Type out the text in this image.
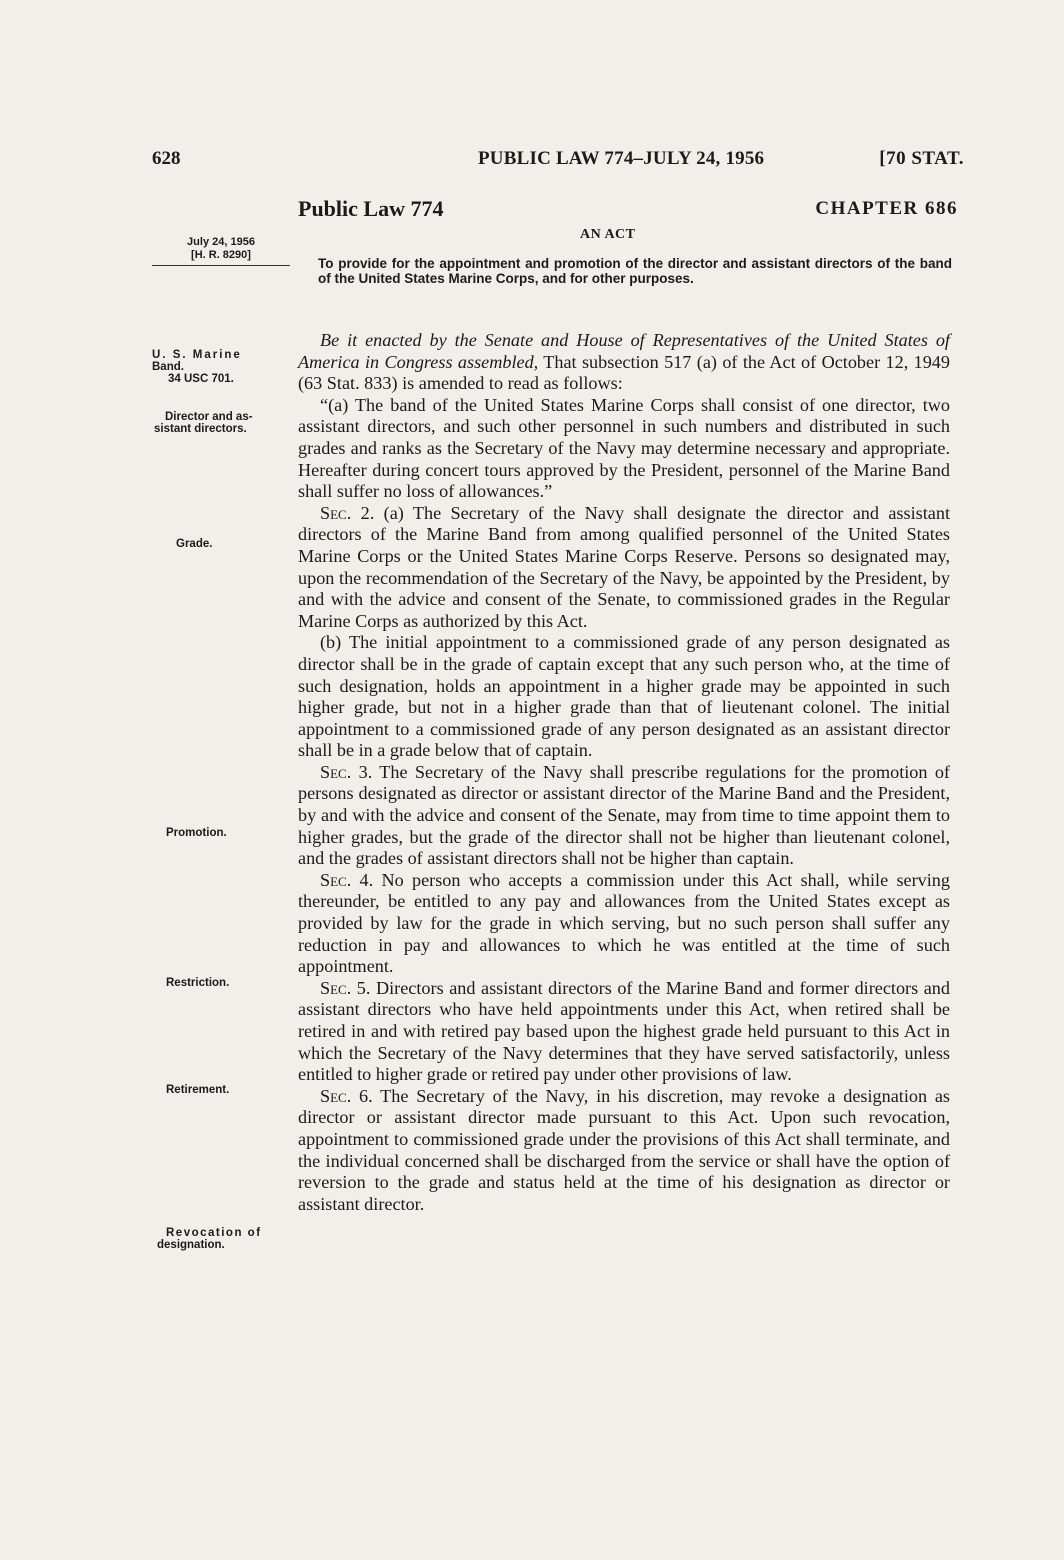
628	PUBLIC LAW 774–JULY 24, 1956	[70 STAT.
Public Law 774	CHAPTER 686
AN ACT
July 24, 1956
[H. R. 8290]
To provide for the appointment and promotion of the director and assistant directors of the band of the United States Marine Corps, and for other purposes.
U. S. Marine
Band.
34 USC 701.
Director and as-
sistant directors.
Grade.
Promotion.
Restriction.
Retirement.
Revocation of
designation.

Be it enacted by the Senate and House of Representatives of the United States of America in Congress assembled, That subsection 517 (a) of the Act of October 12, 1949 (63 Stat. 833) is amended to read as follows:

“(a) The band of the United States Marine Corps shall consist of one director, two assistant directors, and such other personnel in such numbers and distributed in such grades and ranks as the Secretary of the Navy may determine necessary and appropriate. Hereafter during concert tours approved by the President, personnel of the Marine Band shall suffer no loss of allowances.”

Sec. 2. (a) The Secretary of the Navy shall designate the director and assistant directors of the Marine Band from among qualified personnel of the United States Marine Corps or the United States Marine Corps Reserve. Persons so designated may, upon the recommendation of the Secretary of the Navy, be appointed by the President, by and with the advice and consent of the Senate, to commissioned grades in the Regular Marine Corps as authorized by this Act.

(b) The initial appointment to a commissioned grade of any person designated as director shall be in the grade of captain except that any such person who, at the time of such designation, holds an appointment in a higher grade may be appointed in such higher grade, but not in a higher grade than that of lieutenant colonel. The initial appointment to a commissioned grade of any person designated as an assistant director shall be in a grade below that of captain.

Sec. 3. The Secretary of the Navy shall prescribe regulations for the promotion of persons designated as director or assistant director of the Marine Band and the President, by and with the advice and consent of the Senate, may from time to time appoint them to higher grades, but the grade of the director shall not be higher than lieutenant colonel, and the grades of assistant directors shall not be higher than captain.

Sec. 4. No person who accepts a commission under this Act shall, while serving thereunder, be entitled to any pay and allowances from the United States except as provided by law for the grade in which serving, but no such person shall suffer any reduction in pay and allowances to which he was entitled at the time of such appointment.

Sec. 5. Directors and assistant directors of the Marine Band and former directors and assistant directors who have held appointments under this Act, when retired shall be retired in and with retired pay based upon the highest grade held pursuant to this Act in which the Secretary of the Navy determines that they have served satisfactorily, unless entitled to higher grade or retired pay under other provisions of law.

Sec. 6. The Secretary of the Navy, in his discretion, may revoke a designation as director or assistant director made pursuant to this Act. Upon such revocation, appointment to commissioned grade under the provisions of this Act shall terminate, and the individual concerned shall be discharged from the service or shall have the option of reversion to the grade and status held at the time of his designation as director or assistant director.
